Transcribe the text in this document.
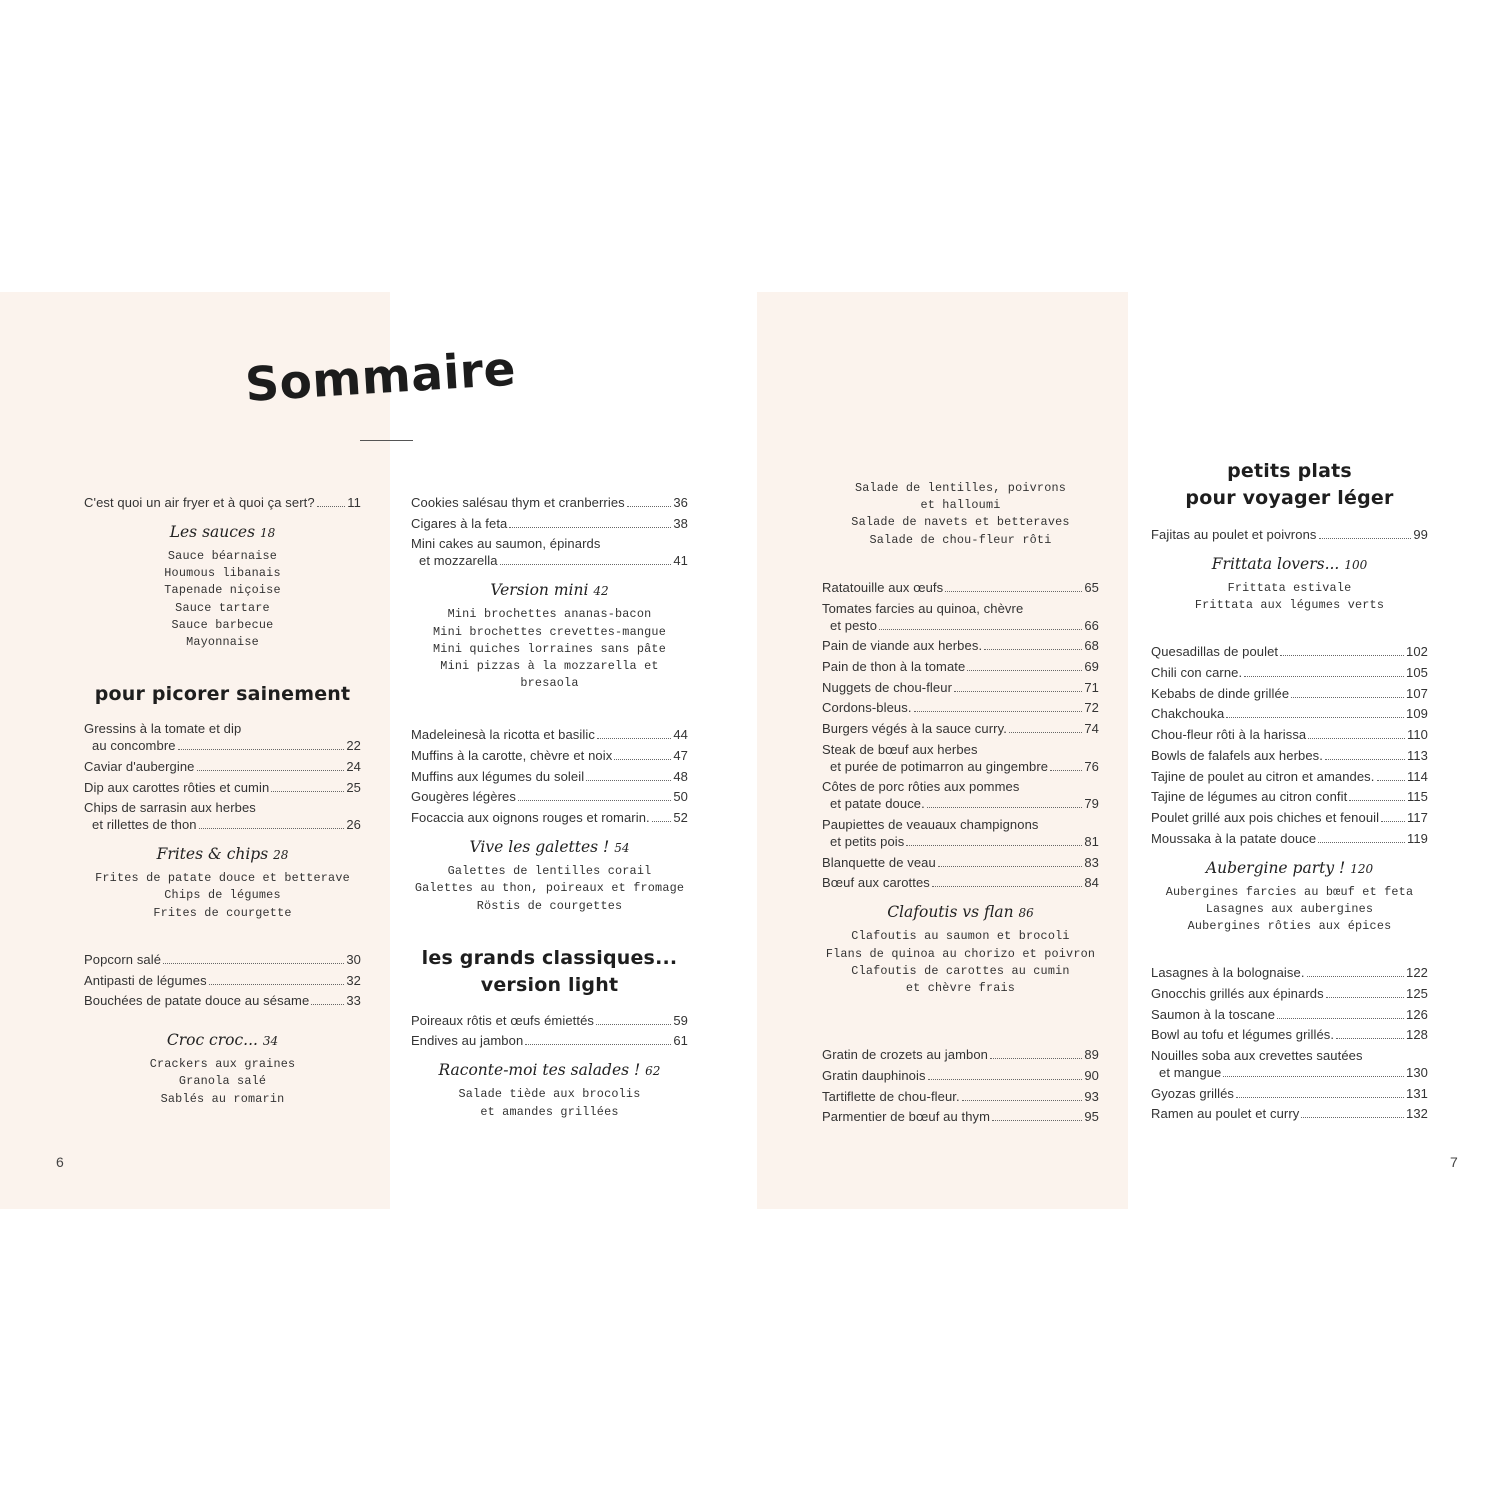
Sommaire
C'est quoi un air fryer et à quoi ça sert?	11
Les sauces 18
Sauce béarnaise
Houmous libanais
Tapenade niçoise
Sauce tartare
Sauce barbecue
Mayonnaise
pour picorer sainement
Gressins à la tomate et dip
au concombre	22
Caviar d'aubergine	24
Dip aux carottes rôties et cumin	25
Chips de sarrasin aux herbes
et rillettes de thon	26
Frites & chips 28
Frites de patate douce et betterave
Chips de légumes
Frites de courgette
Popcorn salé	30
Antipasti de légumes	32
Bouchées de patate douce au sésame	33
Croc croc... 34
Crackers aux graines
Granola salé
Sablés au romarin
Cookies salésau thym et cranberries	36
Cigares à la feta	38
Mini cakes au saumon, épinards
et mozzarella	41
Version mini 42
Mini brochettes ananas-bacon
Mini brochettes crevettes-mangue
Mini quiches lorraines sans pâte
Mini pizzas à la mozzarella et bresaola
Madeleinesà la ricotta et basilic	44
Muffins à la carotte, chèvre et noix	47
Muffins aux légumes du soleil	48
Gougères légères	50
Focaccia aux oignons rouges et romarin. 52
Vive les galettes ! 54
Galettes de lentilles corail
Galettes au thon, poireaux et fromage
Röstis de courgettes
les grands classiques...
version light
Poireaux rôtis et œufs émiettés	59
Endives au jambon	61
Raconte-moi tes salades ! 62
Salade tiède aux brocolis
et amandes grillées
Salade de lentilles, poivrons
et halloumi
Salade de navets et betteraves
Salade de chou-fleur rôti
Ratatouille aux œufs	65
Tomates farcies au quinoa, chèvre
et pesto	66
Pain de viande aux herbes.	68
Pain de thon à la tomate	69
Nuggets de chou-fleur	71
Cordons-bleus.	72
Burgers végés à la sauce curry.	74
Steak de bœuf aux herbes
et purée de potimarron au gingembre	76
Côtes de porc rôties aux pommes
et patate douce.	79
Paupiettes de veauaux champignons
et petits pois	81
Blanquette de veau	83
Bœuf aux carottes	84
Clafoutis vs flan 86
Clafoutis au saumon et brocoli
Flans de quinoa au chorizo et poivron
Clafoutis de carottes au cumin
et chèvre frais
Gratin de crozets au jambon	89
Gratin dauphinois	90
Tartiflette de chou-fleur.	93
Parmentier de bœuf au thym	95
petits plats
pour voyager léger
Fajitas au poulet et poivrons	99
Frittata lovers... 100
Frittata estivale
Frittata aux légumes verts
Quesadillas de poulet	102
Chili con carne.	105
Kebabs de dinde grillée	107
Chakchouka	109
Chou-fleur rôti à la harissa	110
Bowls de falafels aux herbes.	113
Tajine de poulet au citron et amandes. 114
Tajine de légumes au citron confit	115
Poulet grillé aux pois chiches et fenouil 117
Moussaka à la patate douce	119
Aubergine party ! 120
Aubergines farcies au bœuf et feta
Lasagnes aux aubergines
Aubergines rôties aux épices
Lasagnes à la bolognaise.	122
Gnocchis grillés aux épinards	125
Saumon à la toscane	126
Bowl au tofu et légumes grillés.	128
Nouilles soba aux crevettes sautées
et mangue	130
Gyozas grillés	131
Ramen au poulet et curry	132
6	7
